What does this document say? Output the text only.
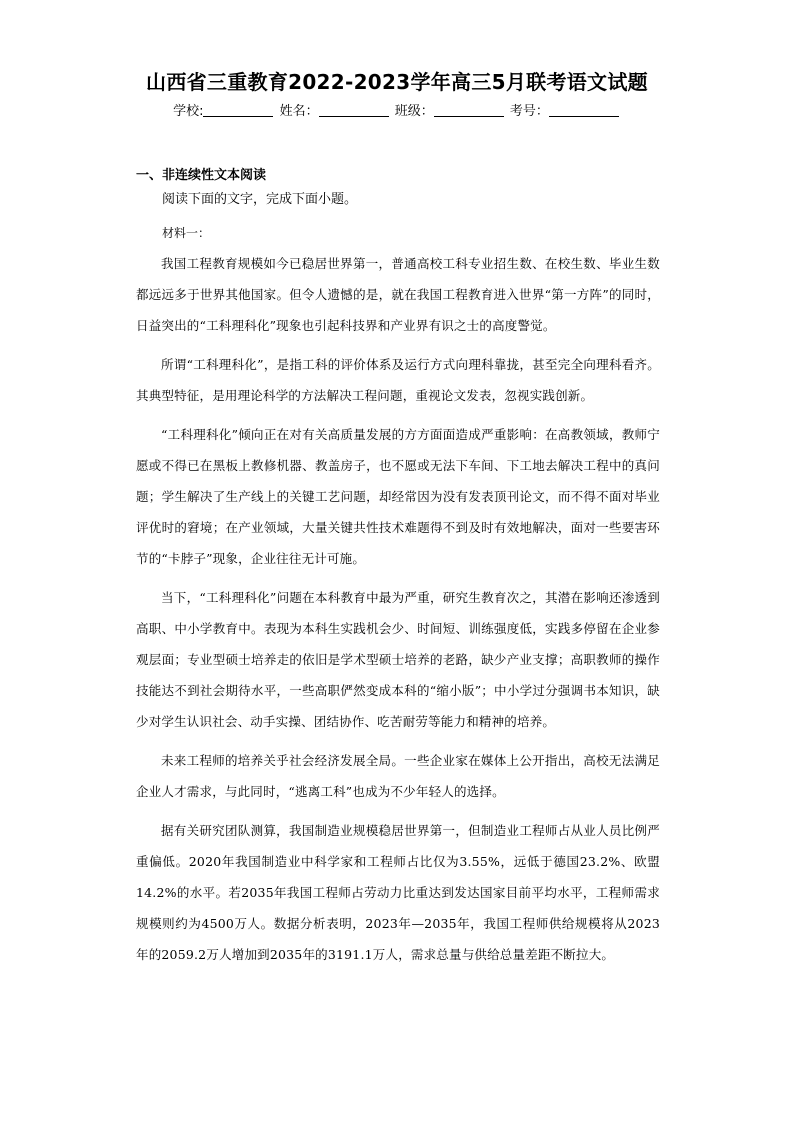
山西省三重教育2022-2023学年高三5月联考语文试题
学校:	姓名：	班级：	考号：
一、非连续性文本阅读
阅读下面的文字，完成下面小题。
材料一：

我国工程教育规模如今已稳居世界第一，普通高校工科专业招生数、在校生数、毕业生数都远远多于世界其他国家。但令人遗憾的是，就在我国工程教育进入世界“第一方阵”的同时，日益突出的“工科理科化”现象也引起科技界和产业界有识之士的高度警觉。

所谓“工科理科化”，是指工科的评价体系及运行方式向理科靠拢，甚至完全向理科看齐。其典型特征，是用理论科学的方法解决工程问题，重视论文发表，忽视实践创新。

“工科理科化”倾向正在对有关高质量发展的方方面面造成严重影响：在高教领域，教师宁愿或不得已在黑板上教修机器、教盖房子，也不愿或无法下车间、下工地去解决工程中的真问题；学生解决了生产线上的关键工艺问题，却经常因为没有发表顶刊论文，而不得不面对毕业评优时的窘境；在产业领域，大量关键共性技术难题得不到及时有效地解决，面对一些要害环节的“卡脖子”现象，企业往往无计可施。

当下，“工科理科化”问题在本科教育中最为严重，研究生教育次之，其潜在影响还渗透到高职、中小学教育中。表现为本科生实践机会少、时间短、训练强度低，实践多停留在企业参观层面；专业型硕士培养走的依旧是学术型硕士培养的老路，缺少产业支撑；高职教师的操作技能达不到社会期待水平，一些高职俨然变成本科的“缩小版”；中小学过分强调书本知识，缺少对学生认识社会、动手实操、团结协作、吃苦耐劳等能力和精神的培养。

未来工程师的培养关乎社会经济发展全局。一些企业家在媒体上公开指出，高校无法满足企业人才需求，与此同时，“逃离工科”也成为不少年轻人的选择。

据有关研究团队测算，我国制造业规模稳居世界第一，但制造业工程师占从业人员比例严重偏低。2020年我国制造业中科学家和工程师占比仅为3.55%，远低于德国23.2%、欧盟14.2%的水平。若2035年我国工程师占劳动力比重达到发达国家目前平均水平，工程师需求规模则约为4500万人。数据分析表明，2023年—2035年，我国工程师供给规模将从2023年的2059.2万人增加到2035年的3191.1万人，需求总量与供给总量差距不断拉大。
